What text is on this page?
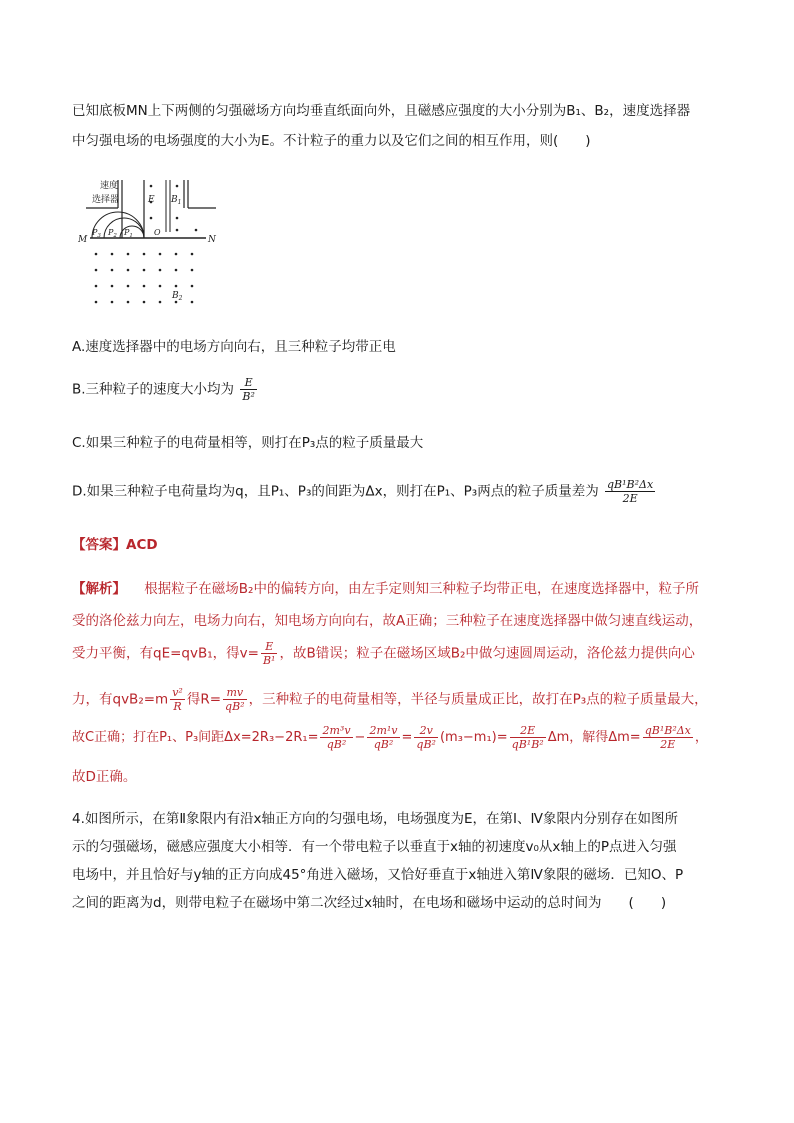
已知底板MN上下两侧的匀强磁场方向均垂直纸面向外，且磁感应强度的大小分别为B₁、B₂，速度选择器
中匀强电场的电场强度的大小为E。不计粒子的重力以及它们之间的相互作用，则(　　)
速度
选择器	E $B_1$
M	N
$P_3$ $P_2$ $P_1$	O
$B_2$
A.速度选择器中的电场方向向右，且三种粒子均带正电
B.三种粒子的速度大小均为 $\frac{E}{\text{B²}}$
C.如果三种粒子的电荷量相等，则打在P₃点的粒子质量最大
D.如果三种粒子电荷量均为q，且P₁、P₃的间距为Δx，则打在P₁、P₃两点的粒子质量差为 $\frac{\text{qB¹B²Δx}}{2E}$
【答案】ACD
【解析】 根据粒子在磁场B₂中的偏转方向，由左手定则知三种粒子均带正电，在速度选择器中，粒子所
受的洛伦兹力向左，电场力向右，知电场方向向右，故A正确；三种粒子在速度选择器中做匀速直线运动，
受力平衡，有qE=qvB₁，得$v= \frac{E}{\text{B¹}}$ ，故B错误；粒子在磁场区域B₂中做匀速圆周运动，洛伦兹力提供向心
力，有$qvB_2=m \frac{\text{v²}}{R}$ 得$R= \frac{mv}{\text{qB²}}$ ，三种粒子的电荷量相等，半径与质量成正比，故打在P₃点的粒子质量最大，
故C正确；打在P₁、P₃间距$\Delta x=2R_3-2R_1= \frac{\text{2m³v}}{\text{qB²}} - \frac{\text{2m¹v}}{\text{qB²}} = \frac{2v}{\text{qB²}} (m_3-m_1)= \frac{2E}{\text{qB¹B²}}$ Δm，解得$\Delta m= \frac{\text{qB¹B²Δx}}{2E}$ ，
故D正确。
4.如图所示，在第Ⅱ象限内有沿x轴正方向的匀强电场，电场强度为E，在第Ⅰ、Ⅳ象限内分别存在如图所
示的匀强磁场，磁感应强度大小相等．有一个带电粒子以垂直于x轴的初速度v₀从x轴上的P点进入匀强
电场中，并且恰好与y轴的正方向成45°角进入磁场，又恰好垂直于x轴进入第Ⅳ象限的磁场．已知O、P
之间的距离为d，则带电粒子在磁场中第二次经过x轴时，在电场和磁场中运动的总时间为　　(　　)
